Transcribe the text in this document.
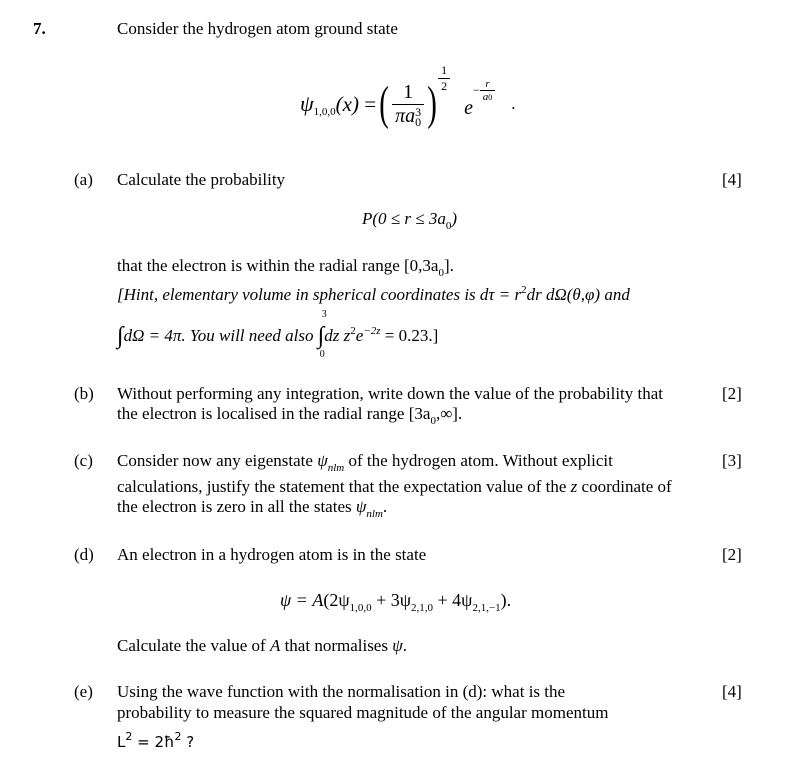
7.	Consider the hydrogen atom ground state
ψ 1,0,0 (x) = ( 1
πa 3
0 ) $\frac{1}{2}$
e
− $\frac{r}{a0}$
.
(a) Calculate the probability	[4]
$P(0 \le r \le 3a_0)$
that the electron is within the radial range $[0,3a_0]$.
[Hint, elementary volume in spherical coordinates is $d\tau = r^2dr$ dΩ(θ,φ) and
∫dΩ = 4π. You will need also
3
∫
0
dz $z^2e^{-2z} = 0.23$.]
(b) Without performing any integration, write down the value of the probability that	[2]
the electron is localised in the radial range $[3a_0,\infty]$.
(c) Consider now any eigenstate $\psi_{nlm}$ of the hydrogen atom. Without explicit	[3]
calculations, justify the statement that the expectation value of the z coordinate of
the electron is zero in all the states $\psi_{nlm}$.
(d) An electron in a hydrogen atom is in the state	[2]
$\psi = A(2\psi_{1,0,0} + 3\psi_{2,1,0} + 4\psi_{2,1,-1})$.
Calculate the value of A that normalises ψ.
(e) Using the wave function with the normalisation in (d): what is the	[4]
probability to measure the squared magnitude of the angular momentum
$L^2$ = $2ħ^2$ ?
